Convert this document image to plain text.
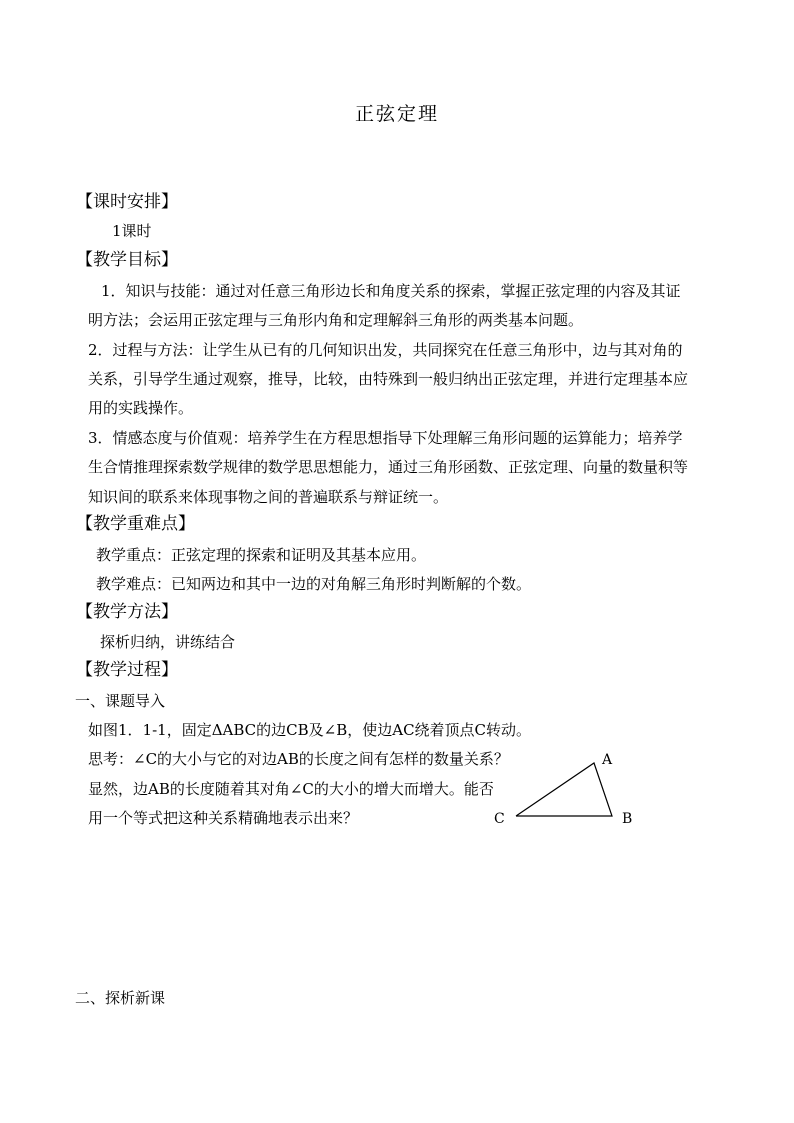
正弦定理
【课时安排】
1课时
【教学目标】
1．知识与技能：通过对任意三角形边长和角度关系的探索，掌握正弦定理的内容及其证
明方法；会运用正弦定理与三角形内角和定理解斜三角形的两类基本问题。
2．过程与方法：让学生从已有的几何知识出发，共同探究在任意三角形中，边与其对角的
关系，引导学生通过观察，推导，比较，由特殊到一般归纳出正弦定理，并进行定理基本应
用的实践操作。
3．情感态度与价值观：培养学生在方程思想指导下处理解三角形问题的运算能力；培养学
生合情推理探索数学规律的数学思思想能力，通过三角形函数、正弦定理、向量的数量积等
知识间的联系来体现事物之间的普遍联系与辩证统一。
【教学重难点】
教学重点：正弦定理的探索和证明及其基本应用。
教学难点：已知两边和其中一边的对角解三角形时判断解的个数。
【教学方法】
探析归纳，讲练结合
【教学过程】
一、课题导入
如图1．1-1，固定ΔABC的边CB及∠B，使边AC绕着顶点C转动。
思考：∠C的大小与它的对边AB的长度之间有怎样的数量关系？
显然，边AB的长度随着其对角∠C的大小的增大而增大。能否
用一个等式把这种关系精确地表示出来？
A
B
C
二、探析新课
